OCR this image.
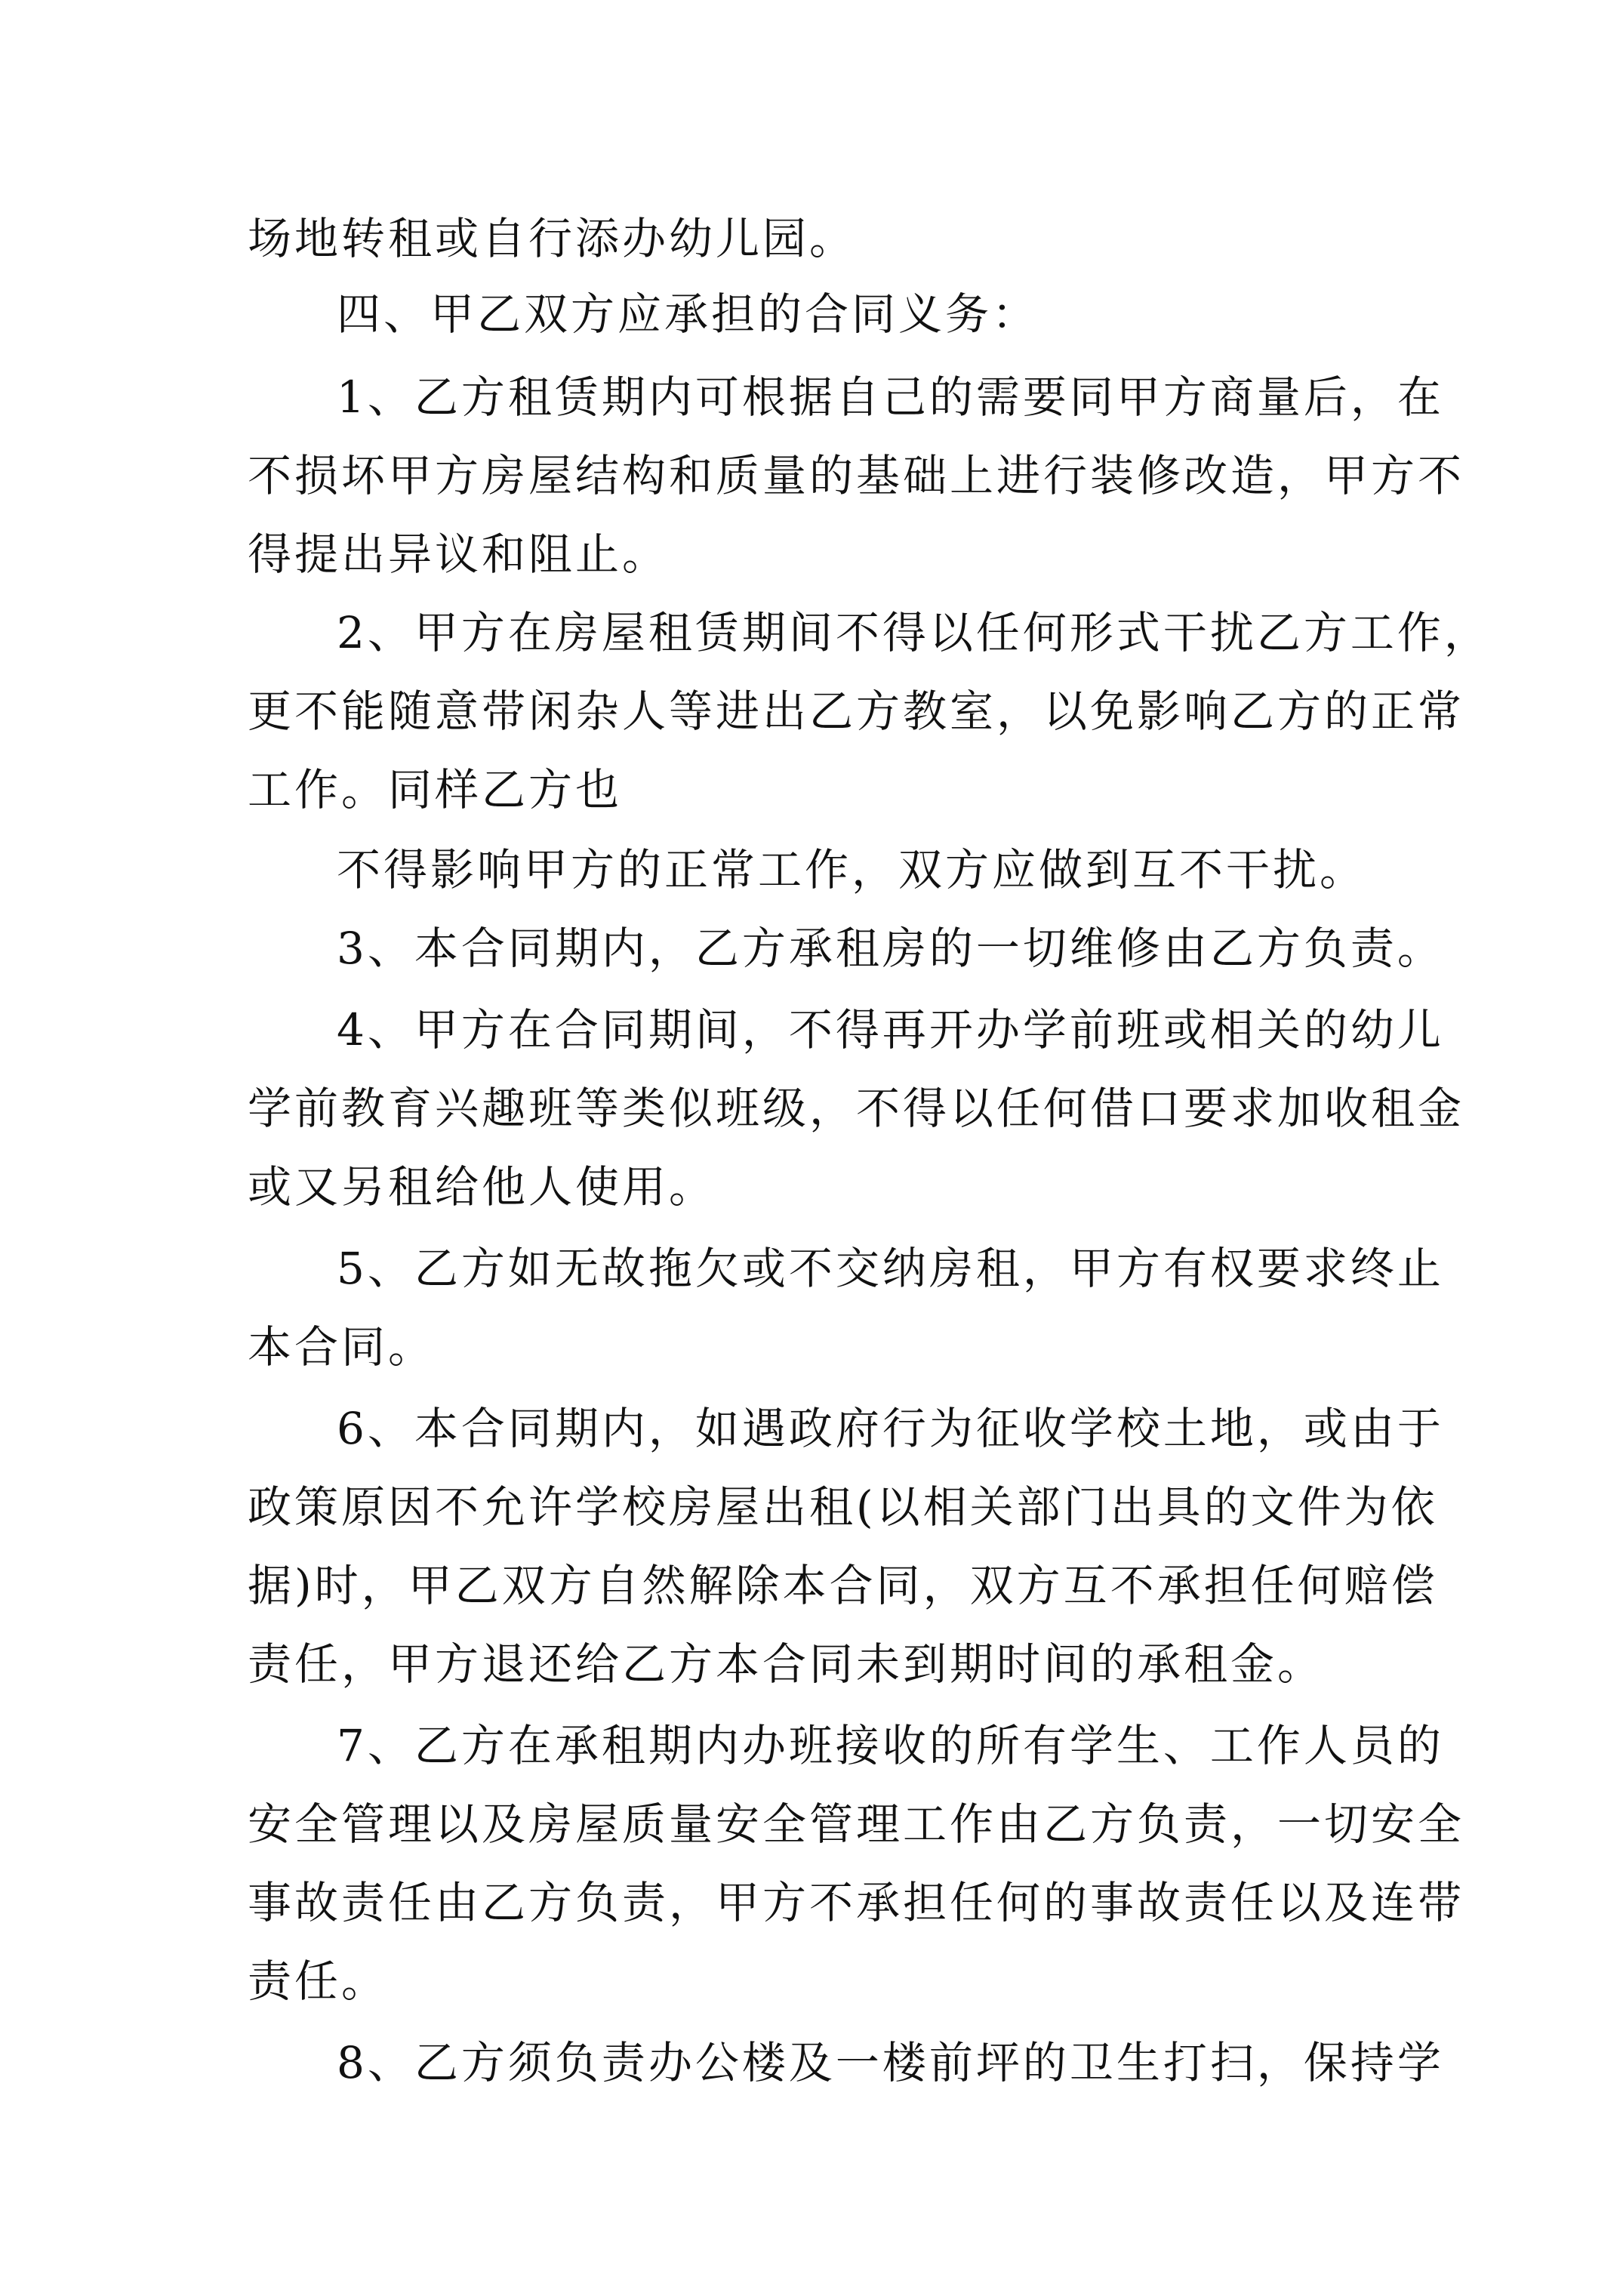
场地转租或自行添办幼儿园。

四、甲乙双方应承担的合同义务：

1、乙方租赁期内可根据自己的需要同甲方商量后，在

不损坏甲方房屋结构和质量的基础上进行装修改造，甲方不

得提出异议和阻止。

2、甲方在房屋租赁期间不得以任何形式干扰乙方工作，

更不能随意带闲杂人等进出乙方教室，以免影响乙方的正常

工作。同样乙方也

不得影响甲方的正常工作，双方应做到互不干扰。

3、本合同期内，乙方承租房的一切维修由乙方负责。

4、甲方在合同期间，不得再开办学前班或相关的幼儿

学前教育兴趣班等类似班级，不得以任何借口要求加收租金

或又另租给他人使用。

5、乙方如无故拖欠或不交纳房租，甲方有权要求终止

本合同。

6、本合同期内，如遇政府行为征收学校土地，或由于

政策原因不允许学校房屋出租(以相关部门出具的文件为依

据)时，甲乙双方自然解除本合同，双方互不承担任何赔偿

责任，甲方退还给乙方本合同未到期时间的承租金。

7、乙方在承租期内办班接收的所有学生、工作人员的

安全管理以及房屋质量安全管理工作由乙方负责，一切安全

事故责任由乙方负责，甲方不承担任何的事故责任以及连带

责任。

8、乙方须负责办公楼及一楼前坪的卫生打扫，保持学
